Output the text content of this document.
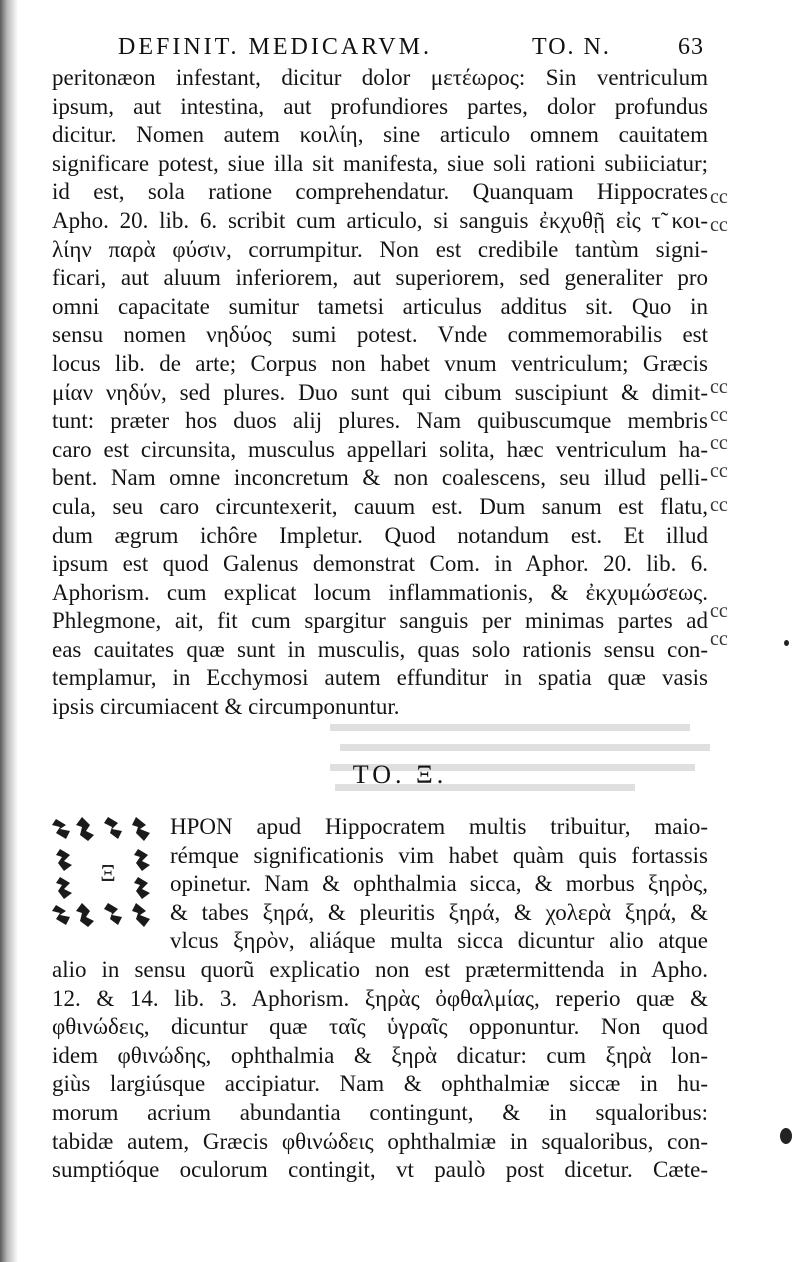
DEFINIT. MEDICARVM.	TO. N.	63
peritonæon infestant, dicitur dolor μετέωρος: Sin ventriculum
ipsum, aut intestina, aut profundiores partes, dolor profundus
dicitur. Nomen autem κοιλίη, sine articulo omnem cauitatem
significare potest, siue illa sit manifesta, siue soli rationi subiiciatur;
id est, sola ratione comprehendatur. Quanquam Hippocrates
Apho. 20. lib. 6. scribit cum articulo, si sanguis ἐκχυθῇ εἰς τ̃ κοι-
λίην παρὰ φύσιν, corrumpitur. Non est credibile tantùm signi-
ficari, aut aluum inferiorem, aut superiorem, sed generaliter pro
omni capacitate sumitur tametsi articulus additus sit. Quo in
sensu nomen νηδύος sumi potest. Vnde commemorabilis est
locus lib. de arte; Corpus non habet vnum ventriculum; Græcis
μίαν νηδύν, sed plures. Duo sunt qui cibum suscipiunt & dimit-
tunt: præter hos duos alij plures. Nam quibuscumque membris
caro est circunsita, musculus appellari solita, hæc ventriculum ha-
bent. Nam omne inconcretum & non coalescens, seu illud pelli-
cula, seu caro circuntexerit, cauum est. Dum sanum est flatu,
dum ægrum ichôre Impletur. Quod notandum est. Et illud
ipsum est quod Galenus demonstrat Com. in Aphor. 20. lib. 6.
Aphorism. cum explicat locum inflammationis, & ἐκχυμώσεως.
Phlegmone, ait, fit cum spargitur sanguis per minimas partes ad
eas cauitates quæ sunt in musculis, quas solo rationis sensu con-
templamur, in Ecchymosi autem effunditur in spatia quæ vasis
ipsis circumiacent & circumponuntur.
cc
cc
cc
cc
cc
cc
cc
cc
cc
TO. Ξ.
Ξ
HPON apud Hippocratem multis tribuitur, maio-
rémque significationis vim habet quàm quis fortassis
opinetur. Nam & ophthalmia sicca, & morbus ξηρὸς,
& tabes ξηρά, & pleuritis ξηρά, & χολερὰ ξηρά, &
vlcus ξηρὸν, aliáque multa sicca dicuntur alio atque
alio in sensu quorũ explicatio non est prætermittenda in Apho.
12. & 14. lib. 3. Aphorism. ξηρὰς ὀφθαλμίας, reperio quæ &
φθινώδεις, dicuntur quæ ταῖς ὑγραῖς opponuntur. Non quod
idem φθινώδης, ophthalmia & ξηρὰ dicatur: cum ξηρὰ lon-
giùs largiúsque accipiatur. Nam & ophthalmiæ siccæ in hu-
morum acrium abundantia contingunt, & in squaloribus:
tabidæ autem, Græcis φθινώδεις ophthalmiæ in squaloribus, con-
sumptióque oculorum contingit, vt paulò post dicetur. Cæte-
